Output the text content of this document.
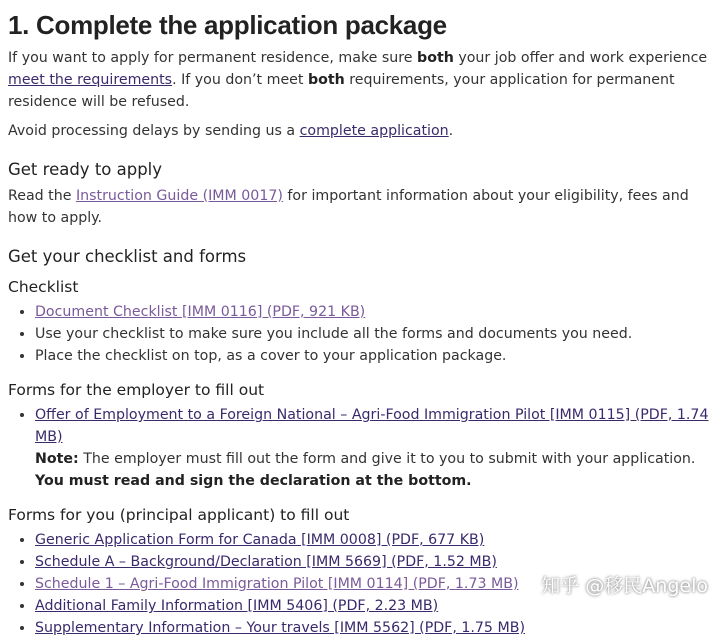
1. Complete the application package

If you want to apply for permanent residence, make sure both your job offer and work experience meet the requirements. If you don’t meet both requirements, your application for permanent residence will be refused.

Avoid processing delays by sending us a complete application.

Get ready to apply

Read the Instruction Guide (IMM 0017) for important information about your eligibility, fees and how to apply.

Get your checklist and forms
Checklist
• Document Checklist [IMM 0116] (PDF, 921 KB)
• Use your checklist to make sure you include all the forms and documents you need.
• Place the checklist on top, as a cover to your application package.
Forms for the employer to fill out
• Offer of Employment to a Foreign National – Agri-Food Immigration Pilot [IMM 0115] (PDF, 1.74 MB)
Note: The employer must fill out the form and give it to you to submit with your application.
You must read and sign the declaration at the bottom.
Forms for you (principal applicant) to fill out
• Generic Application Form for Canada [IMM 0008] (PDF, 677 KB)
• Schedule A – Background/Declaration [IMM 5669] (PDF, 1.52 MB)
• Schedule 1 – Agri-Food Immigration Pilot [IMM 0114] (PDF, 1.73 MB)
• Additional Family Information [IMM 5406] (PDF, 2.23 MB)
• Supplementary Information – Your travels [IMM 5562] (PDF, 1.75 MB)
知乎 @移民Angelo
